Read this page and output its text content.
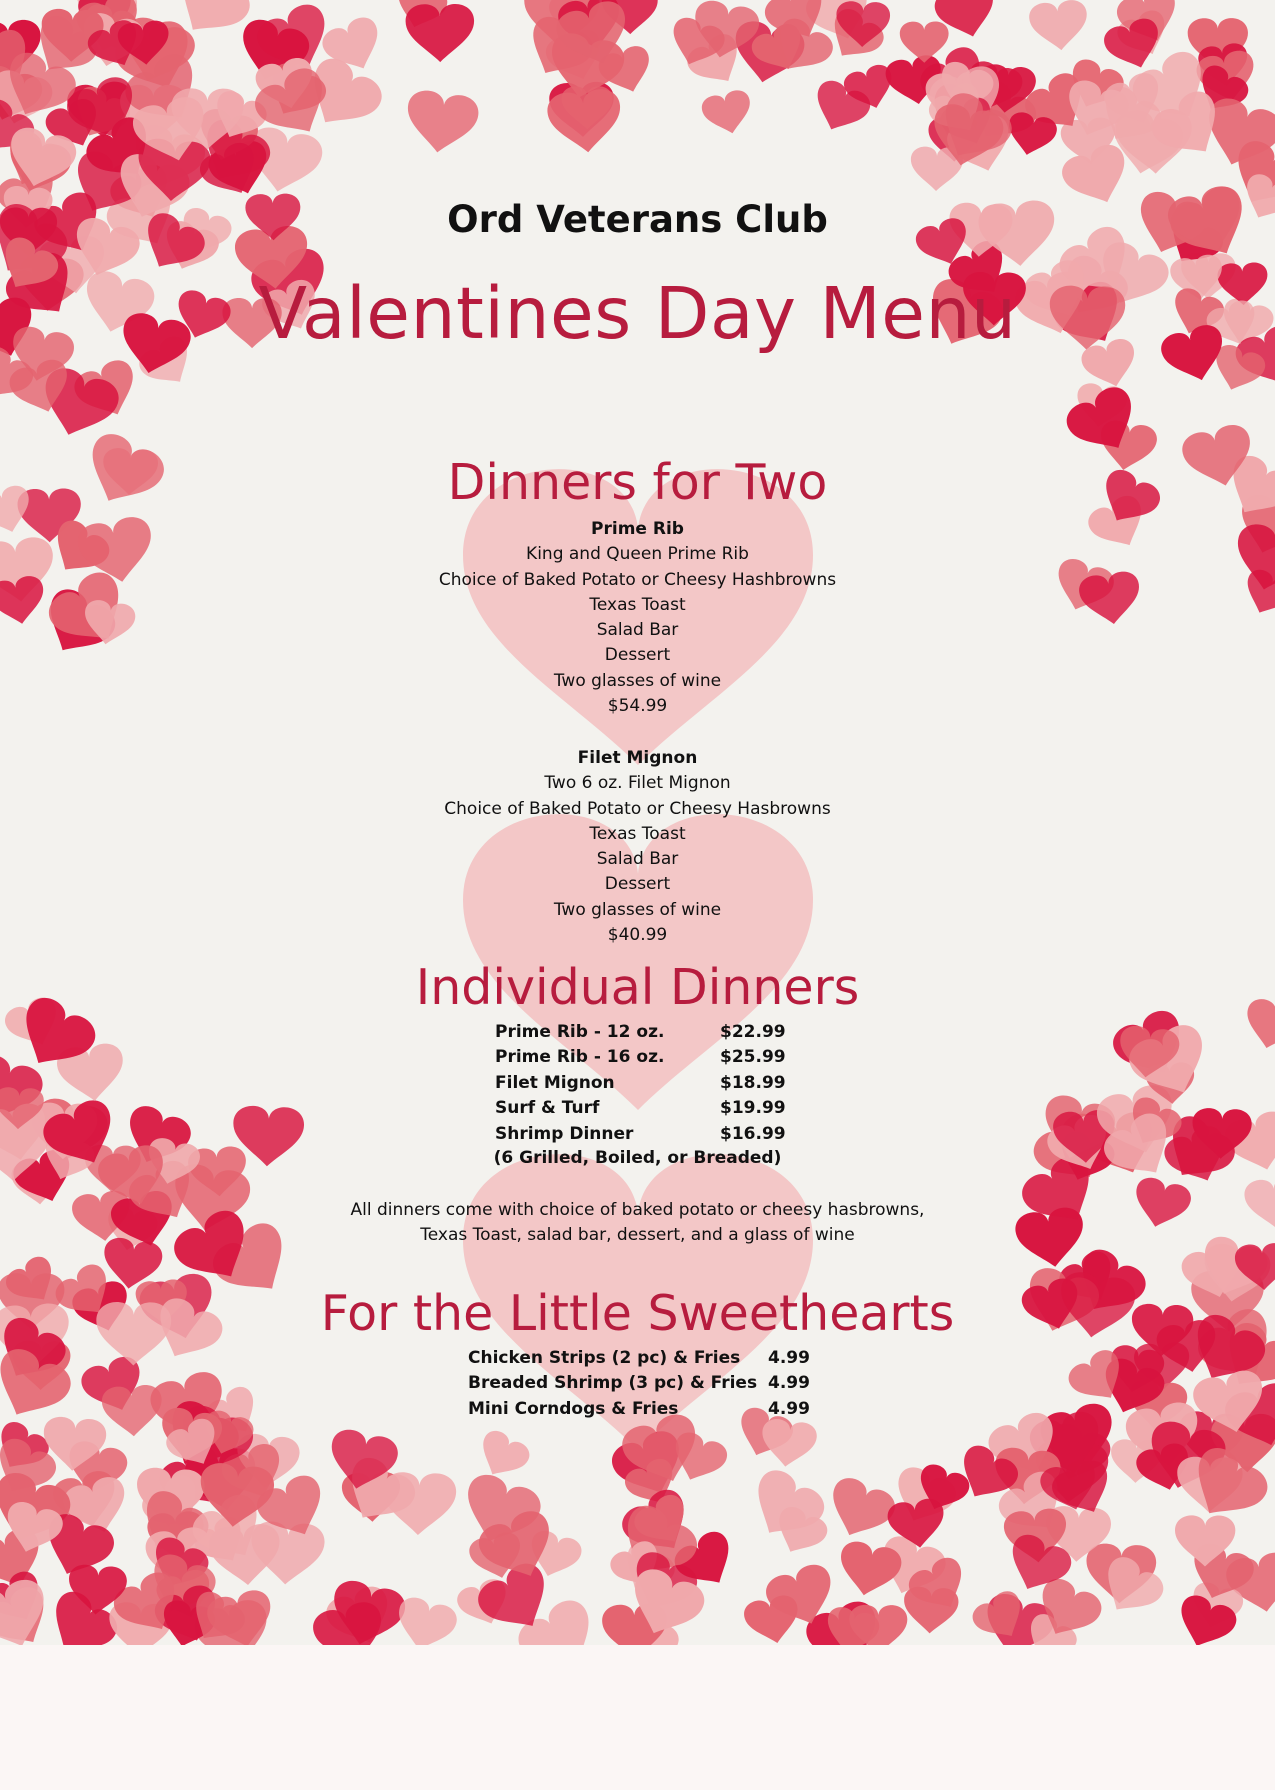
Ord Veterans Club
Valentines Day Menu
Dinners for Two
Prime Rib
King and Queen Prime Rib
Choice of Baked Potato or Cheesy Hashbrowns
Texas Toast
Salad Bar
Dessert
Two glasses of wine
$54.99
Filet Mignon
Two 6 oz. Filet Mignon
Choice of Baked Potato or Cheesy Hasbrowns
Texas Toast
Salad Bar
Dessert
Two glasses of wine
$40.99
Individual Dinners
Prime Rib - 12 oz.	$22.99
Prime Rib - 16 oz.	$25.99
Filet Mignon	$18.99
Surf & Turf	$19.99
Shrimp Dinner	$16.99
(6 Grilled, Boiled, or Breaded)
All dinners come with choice of baked potato or cheesy hasbrowns,
Texas Toast, salad bar, dessert, and a glass of wine
For the Little Sweethearts
Chicken Strips (2 pc) & Fries	4.99
Breaded Shrimp (3 pc) & Fries 4.99
Mini Corndogs & Fries	4.99
